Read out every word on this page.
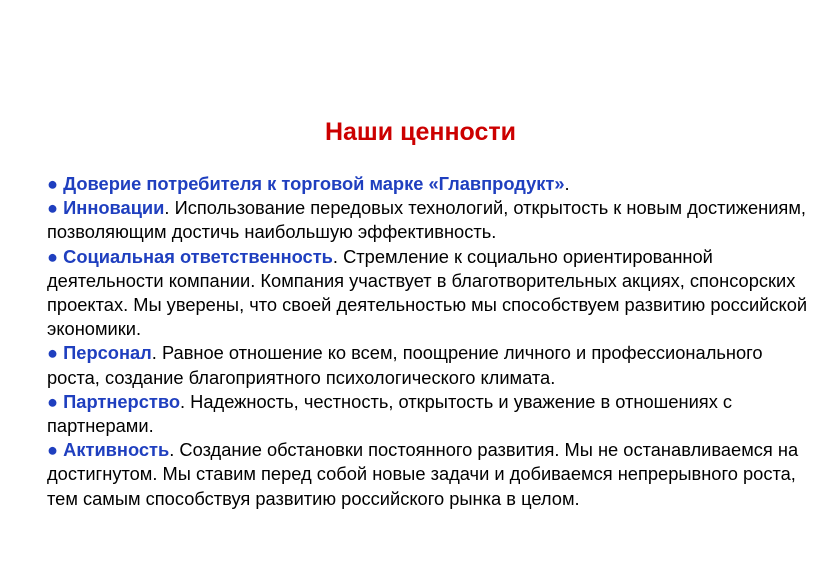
Наши ценности
● Доверие потребителя к торговой марке «Главпродукт».
● Инновации. Использование передовых технологий, открытость к новым достижениям, позволяющим достичь наибольшую эффективность.
● Социальная ответственность. Стремление к социально ориентированной деятельности компании. Компания участвует в благотворительных акциях, спонсорских проектах. Мы уверены, что своей деятельностью мы способствуем развитию российской экономики.
● Персонал. Равное отношение ко всем, поощрение личного и профессионального роста, создание благоприятного психологического климата.
● Партнерство. Надежность, честность, открытость и уважение в отношениях с партнерами.
● Активность. Создание обстановки постоянного развития. Мы не останавливаемся на достигнутом. Мы ставим перед собой новые задачи и добиваемся непрерывного роста, тем самым способствуя развитию российского рынка в целом.
